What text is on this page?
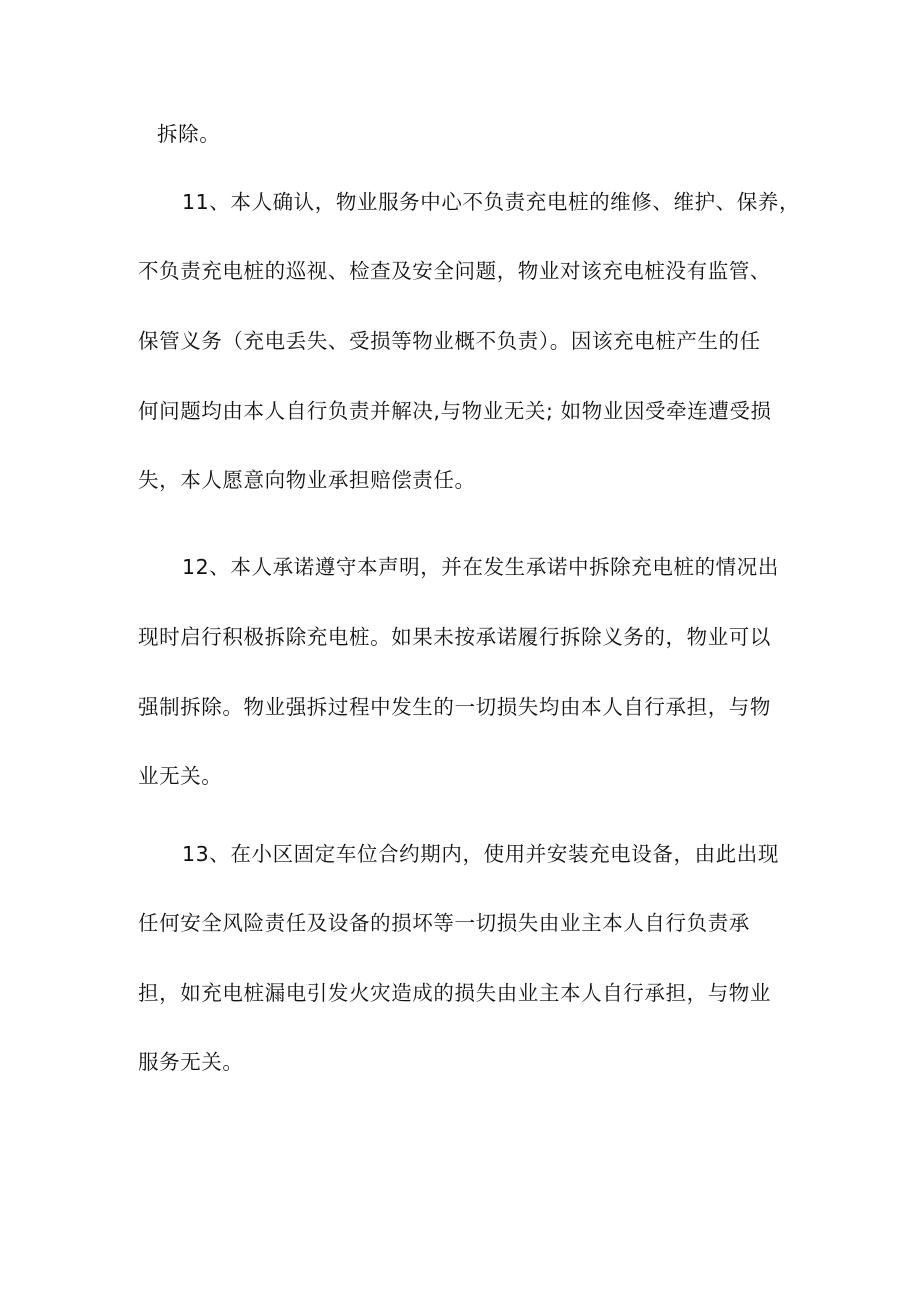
拆除。
11、本人确认，物业服务中心不负责充电桩的维修、维护、保养，
不负责充电桩的巡视、检查及安全问题，物业对该充电桩没有监管、
保管义务（充电丢失、受损等物业概不负责）。因该充电桩产生的任
何问题均由本人自行负责并解决,与物业无关; 如物业因受牵连遭受损
失，本人愿意向物业承担赔偿责任。
12、本人承诺遵守本声明，并在发生承诺中拆除充电桩的情况出
现时启行积极拆除充电桩。如果未按承诺履行拆除义务的，物业可以
强制拆除。物业强拆过程中发生的一切损失均由本人自行承担，与物
业无关。
13、在小区固定车位合约期内，使用并安装充电设备，由此出现
任何安全风险责任及设备的损坏等一切损失由业主本人自行负责承
担，如充电桩漏电引发火灾造成的损失由业主本人自行承担，与物业
服务无关。
